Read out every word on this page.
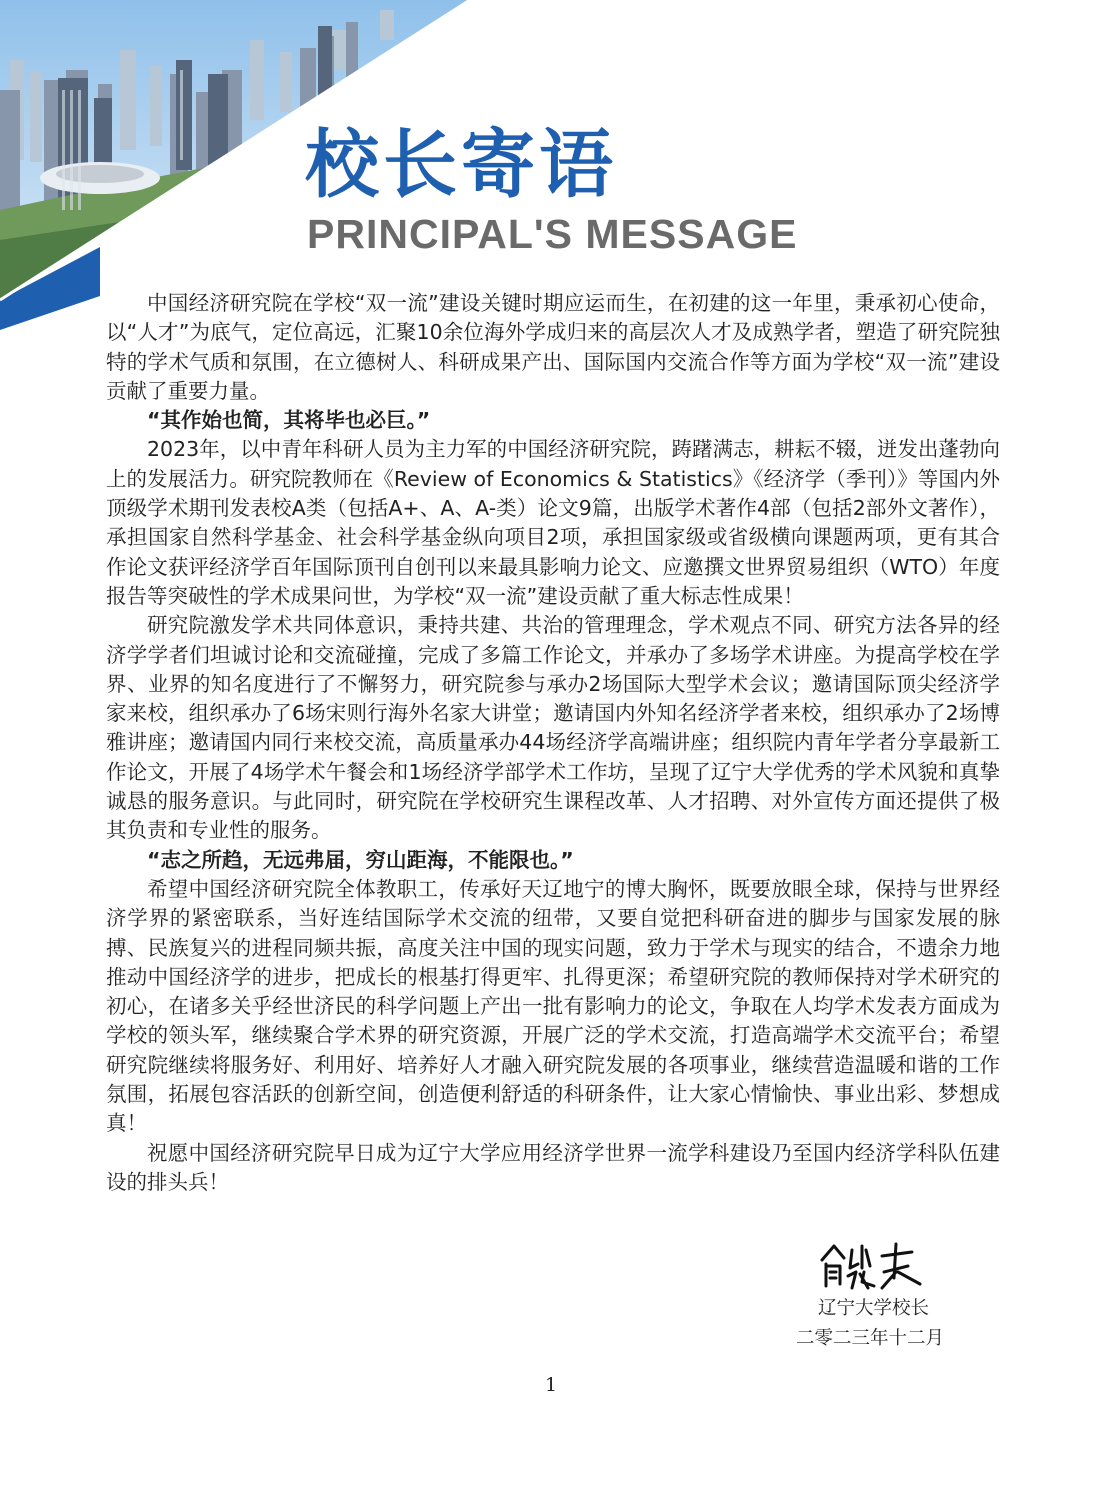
校长寄语
PRINCIPAL'S MESSAGE

中国经济研究院在学校“双一流”建设关键时期应运而生，在初建的这一年里，秉承初心使命，以“人才”为底气，定位高远，汇聚10余位海外学成归来的高层次人才及成熟学者，塑造了研究院独特的学术气质和氛围，在立德树人、科研成果产出、国际国内交流合作等方面为学校“双一流”建设贡献了重要力量。

“其作始也简，其将毕也必巨。”

2023年，以中青年科研人员为主力军的中国经济研究院，踌躇满志，耕耘不辍，迸发出蓬勃向上的发展活力。研究院教师在《Review of Economics & Statistics》《经济学（季刊）》等国内外顶级学术期刊发表校A类（包括A+、A、A-类）论文9篇，出版学术著作4部（包括2部外文著作），承担国家自然科学基金、社会科学基金纵向项目2项，承担国家级或省级横向课题两项，更有其合作论文获评经济学百年国际顶刊自创刊以来最具影响力论文、应邀撰文世界贸易组织（WTO）年度报告等突破性的学术成果问世，为学校“双一流”建设贡献了重大标志性成果！

研究院激发学术共同体意识，秉持共建、共治的管理理念，学术观点不同、研究方法各异的经济学学者们坦诚讨论和交流碰撞，完成了多篇工作论文，并承办了多场学术讲座。为提高学校在学界、业界的知名度进行了不懈努力，研究院参与承办2场国际大型学术会议；邀请国际顶尖经济学家来校，组织承办了6场宋则行海外名家大讲堂；邀请国内外知名经济学者来校，组织承办了2场博雅讲座；邀请国内同行来校交流，高质量承办44场经济学高端讲座；组织院内青年学者分享最新工作论文，开展了4场学术午餐会和1场经济学部学术工作坊，呈现了辽宁大学优秀的学术风貌和真挚诚恳的服务意识。与此同时，研究院在学校研究生课程改革、人才招聘、对外宣传方面还提供了极其负责和专业性的服务。

“志之所趋，无远弗届，穷山距海，不能限也。”

希望中国经济研究院全体教职工，传承好天辽地宁的博大胸怀，既要放眼全球，保持与世界经济学界的紧密联系，当好连结国际学术交流的纽带，又要自觉把科研奋进的脚步与国家发展的脉搏、民族复兴的进程同频共振，高度关注中国的现实问题，致力于学术与现实的结合，不遗余力地推动中国经济学的进步，把成长的根基打得更牢、扎得更深；希望研究院的教师保持对学术研究的初心，在诸多关乎经世济民的科学问题上产出一批有影响力的论文，争取在人均学术发表方面成为学校的领头军，继续聚合学术界的研究资源，开展广泛的学术交流，打造高端学术交流平台；希望研究院继续将服务好、利用好、培养好人才融入研究院发展的各项事业，继续营造温暖和谐的工作氛围，拓展包容活跃的创新空间，创造便利舒适的科研条件，让大家心情愉快、事业出彩、梦想成真！

祝愿中国经济研究院早日成为辽宁大学应用经济学世界一流学科建设乃至国内经济学科队伍建设的排头兵！

辽宁大学校长
二零二三年十二月
1
